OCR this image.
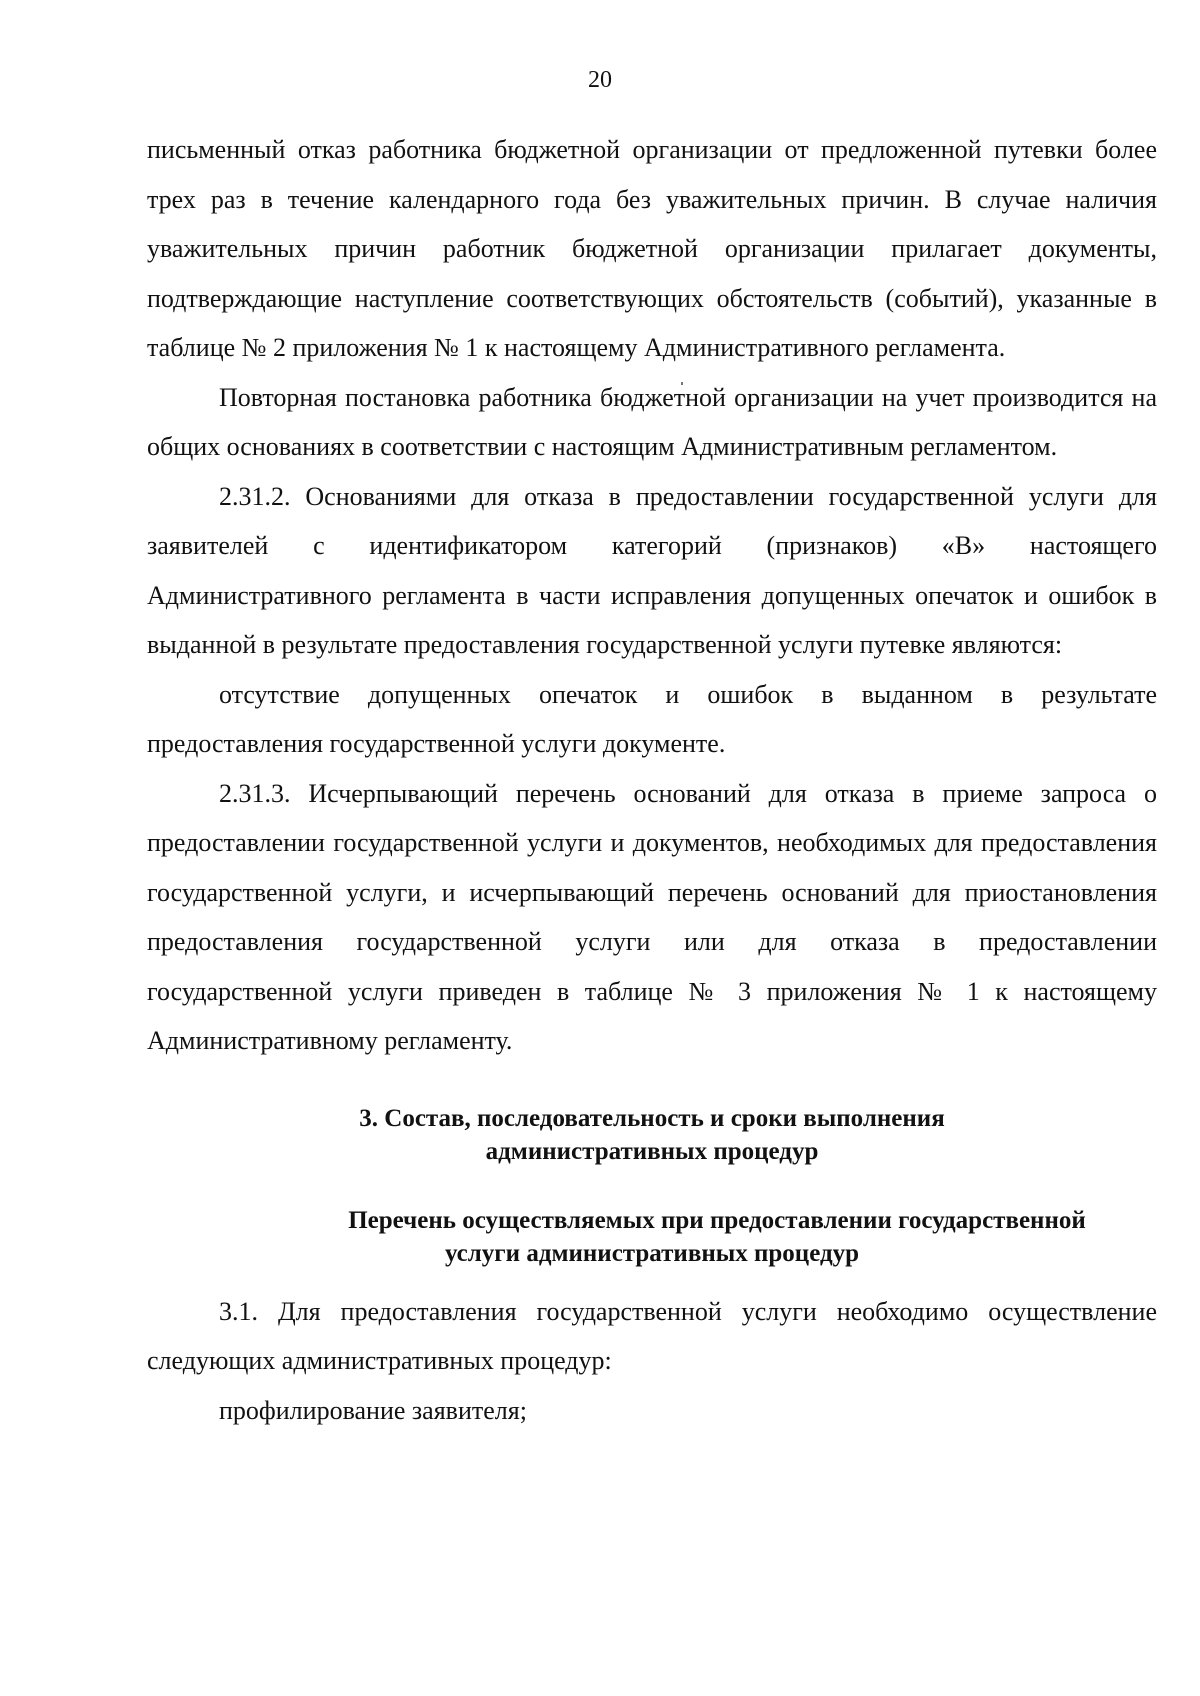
20

письменный отказ работника бюджетной организации от предложенной путевки более трех раз в течение календарного года без уважительных причин. В случае наличия уважительных причин работник бюджетной организации прилагает документы, подтверждающие наступление соответствующих обстоятельств (событий), указанные в таблице № 2 приложения № 1 к настоящему Административного регламента.

Повторная постановка работника бюджетной организации на учет производится на общих основаниях в соответствии с настоящим Административным регламентом.

2.31.2. Основаниями для отказа в предоставлении государственной услуги для заявителей с идентификатором категорий (признаков) «В» настоящего Административного регламента в части исправления допущенных опечаток и ошибок в выданной в результате предоставления государственной услуги путевке являются:

отсутствие допущенных опечаток и ошибок в выданном в результате предоставления государственной услуги документе.

2.31.3. Исчерпывающий перечень оснований для отказа в приеме запроса о предоставлении государственной услуги и документов, необходимых для предоставления государственной услуги, и исчерпывающий перечень оснований для приостановления предоставления государственной услуги или для отказа в предоставлении государственной услуги приведен в таблице № 3 приложения № 1 к настоящему Административному регламенту.

3. Состав, последовательность и сроки выполнения

административных процедур

Перечень осуществляемых при предоставлении государственной

услуги административных процедур

3.1. Для предоставления государственной услуги необходимо осуществление следующих административных процедур:

профилирование заявителя;
